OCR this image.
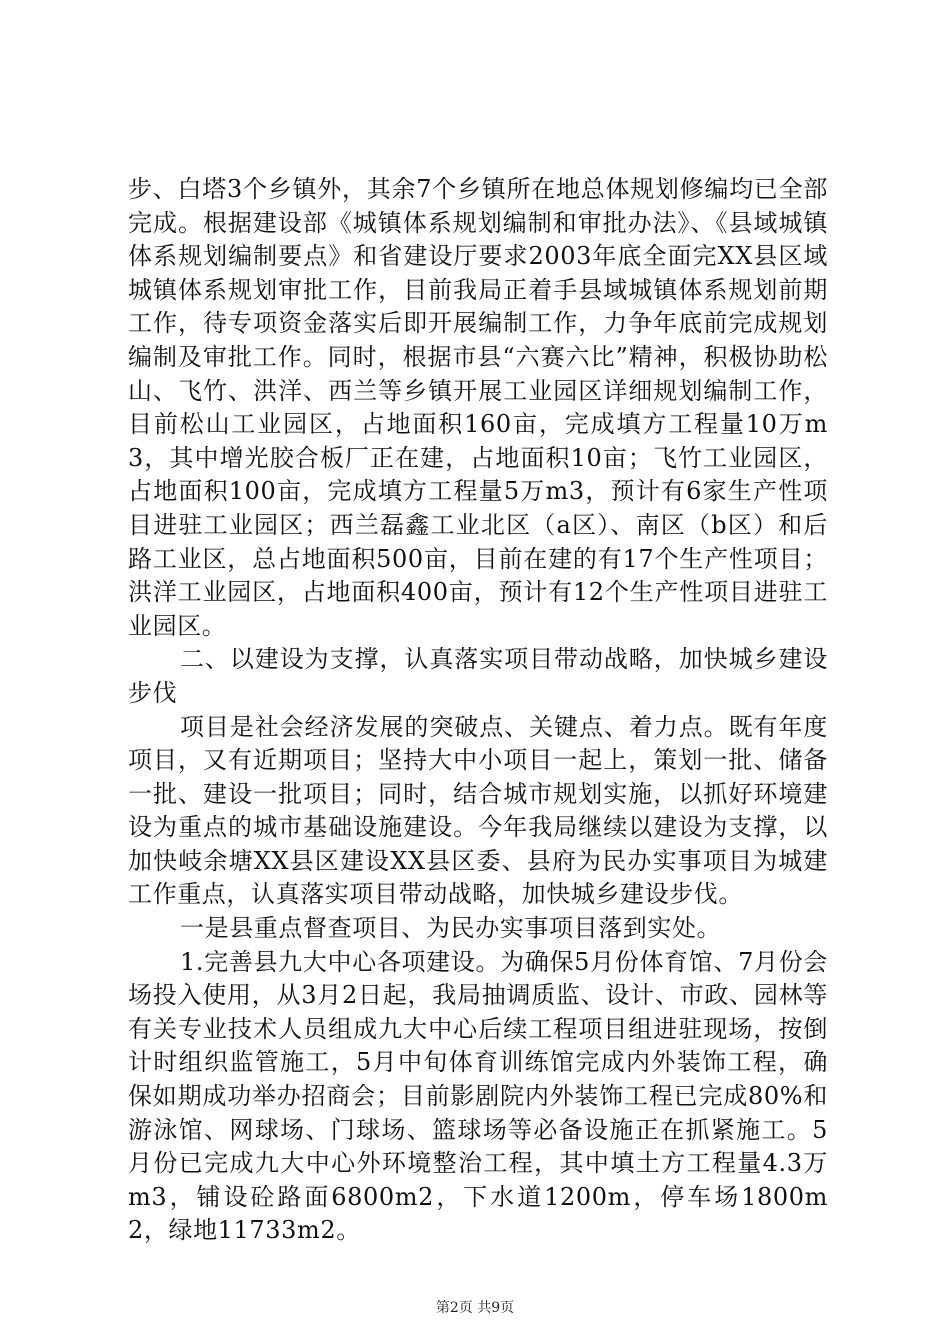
步、白塔3个乡镇外，其余7个乡镇所在地总体规划修编均已全部完成。根据建设部《城镇体系规划编制和审批办法》、《县域城镇体系规划编制要点》和省建设厅要求2003年底全面完XX县区域城镇体系规划审批工作，目前我局正着手县域城镇体系规划前期工作，待专项资金落实后即开展编制工作，力争年底前完成规划编制及审批工作。同时，根据市县“六赛六比”精神，积极协助松山、飞竹、洪洋、西兰等乡镇开展工业园区详细规划编制工作，目前松山工业园区，占地面积160亩，完成填方工程量10万m3，其中增光胶合板厂正在建，占地面积10亩；飞竹工业园区，占地面积100亩，完成填方工程量5万m3，预计有6家生产性项目进驻工业园区；西兰磊鑫工业北区（a区）、南区（b区）和后路工业区，总占地面积500亩，目前在建的有17个生产性项目；洪洋工业园区，占地面积400亩，预计有12个生产性项目进驻工业园区。

二、以建设为支撑，认真落实项目带动战略，加快城乡建设步伐

项目是社会经济发展的突破点、关键点、着力点。既有年度项目，又有近期项目；坚持大中小项目一起上，策划一批、储备一批、建设一批项目；同时，结合城市规划实施，以抓好环境建设为重点的城市基础设施建设。今年我局继续以建设为支撑，以加快岐余塘XX县区建设XX县区委、县府为民办实事项目为城建工作重点，认真落实项目带动战略，加快城乡建设步伐。

一是县重点督查项目、为民办实事项目落到实处。

1.完善县九大中心各项建设。为确保5月份体育馆、7月份会场投入使用，从3月2日起，我局抽调质监、设计、市政、园林等有关专业技术人员组成九大中心后续工程项目组进驻现场，按倒计时组织监管施工，5月中旬体育训练馆完成内外装饰工程，确保如期成功举办招商会；目前影剧院内外装饰工程已完成80%和游泳馆、网球场、门球场、篮球场等必备设施正在抓紧施工。5月份已完成九大中心外环境整治工程，其中填土方工程量4.3万m3，铺设砼路面6800m2，下水道1200m，停车场1800m2，绿地11733m2。

第2页 共9页
